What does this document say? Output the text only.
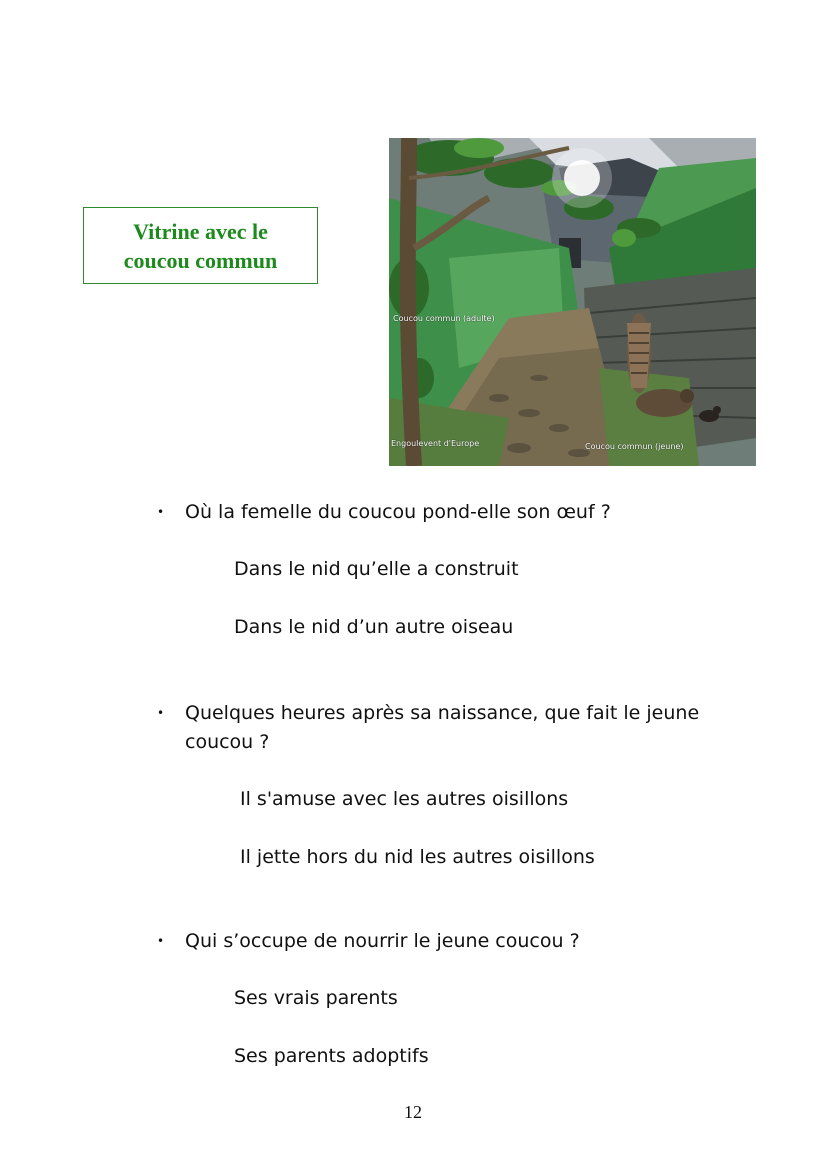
Vitrine avec le
coucou commun
Coucou commun (adulte)
Engoulevent d'Europe	Coucou commun (jeune)
• Où la femelle du coucou pond-elle son œuf ?
Dans le nid qu’elle a construit
Dans le nid d’un autre oiseau
• Quelques heures après sa naissance, que fait le jeune coucou ?
Il s'amuse avec les autres oisillons
Il jette hors du nid les autres oisillons
• Qui s’occupe de nourrir le jeune coucou ?
Ses vrais parents
Ses parents adoptifs
12
